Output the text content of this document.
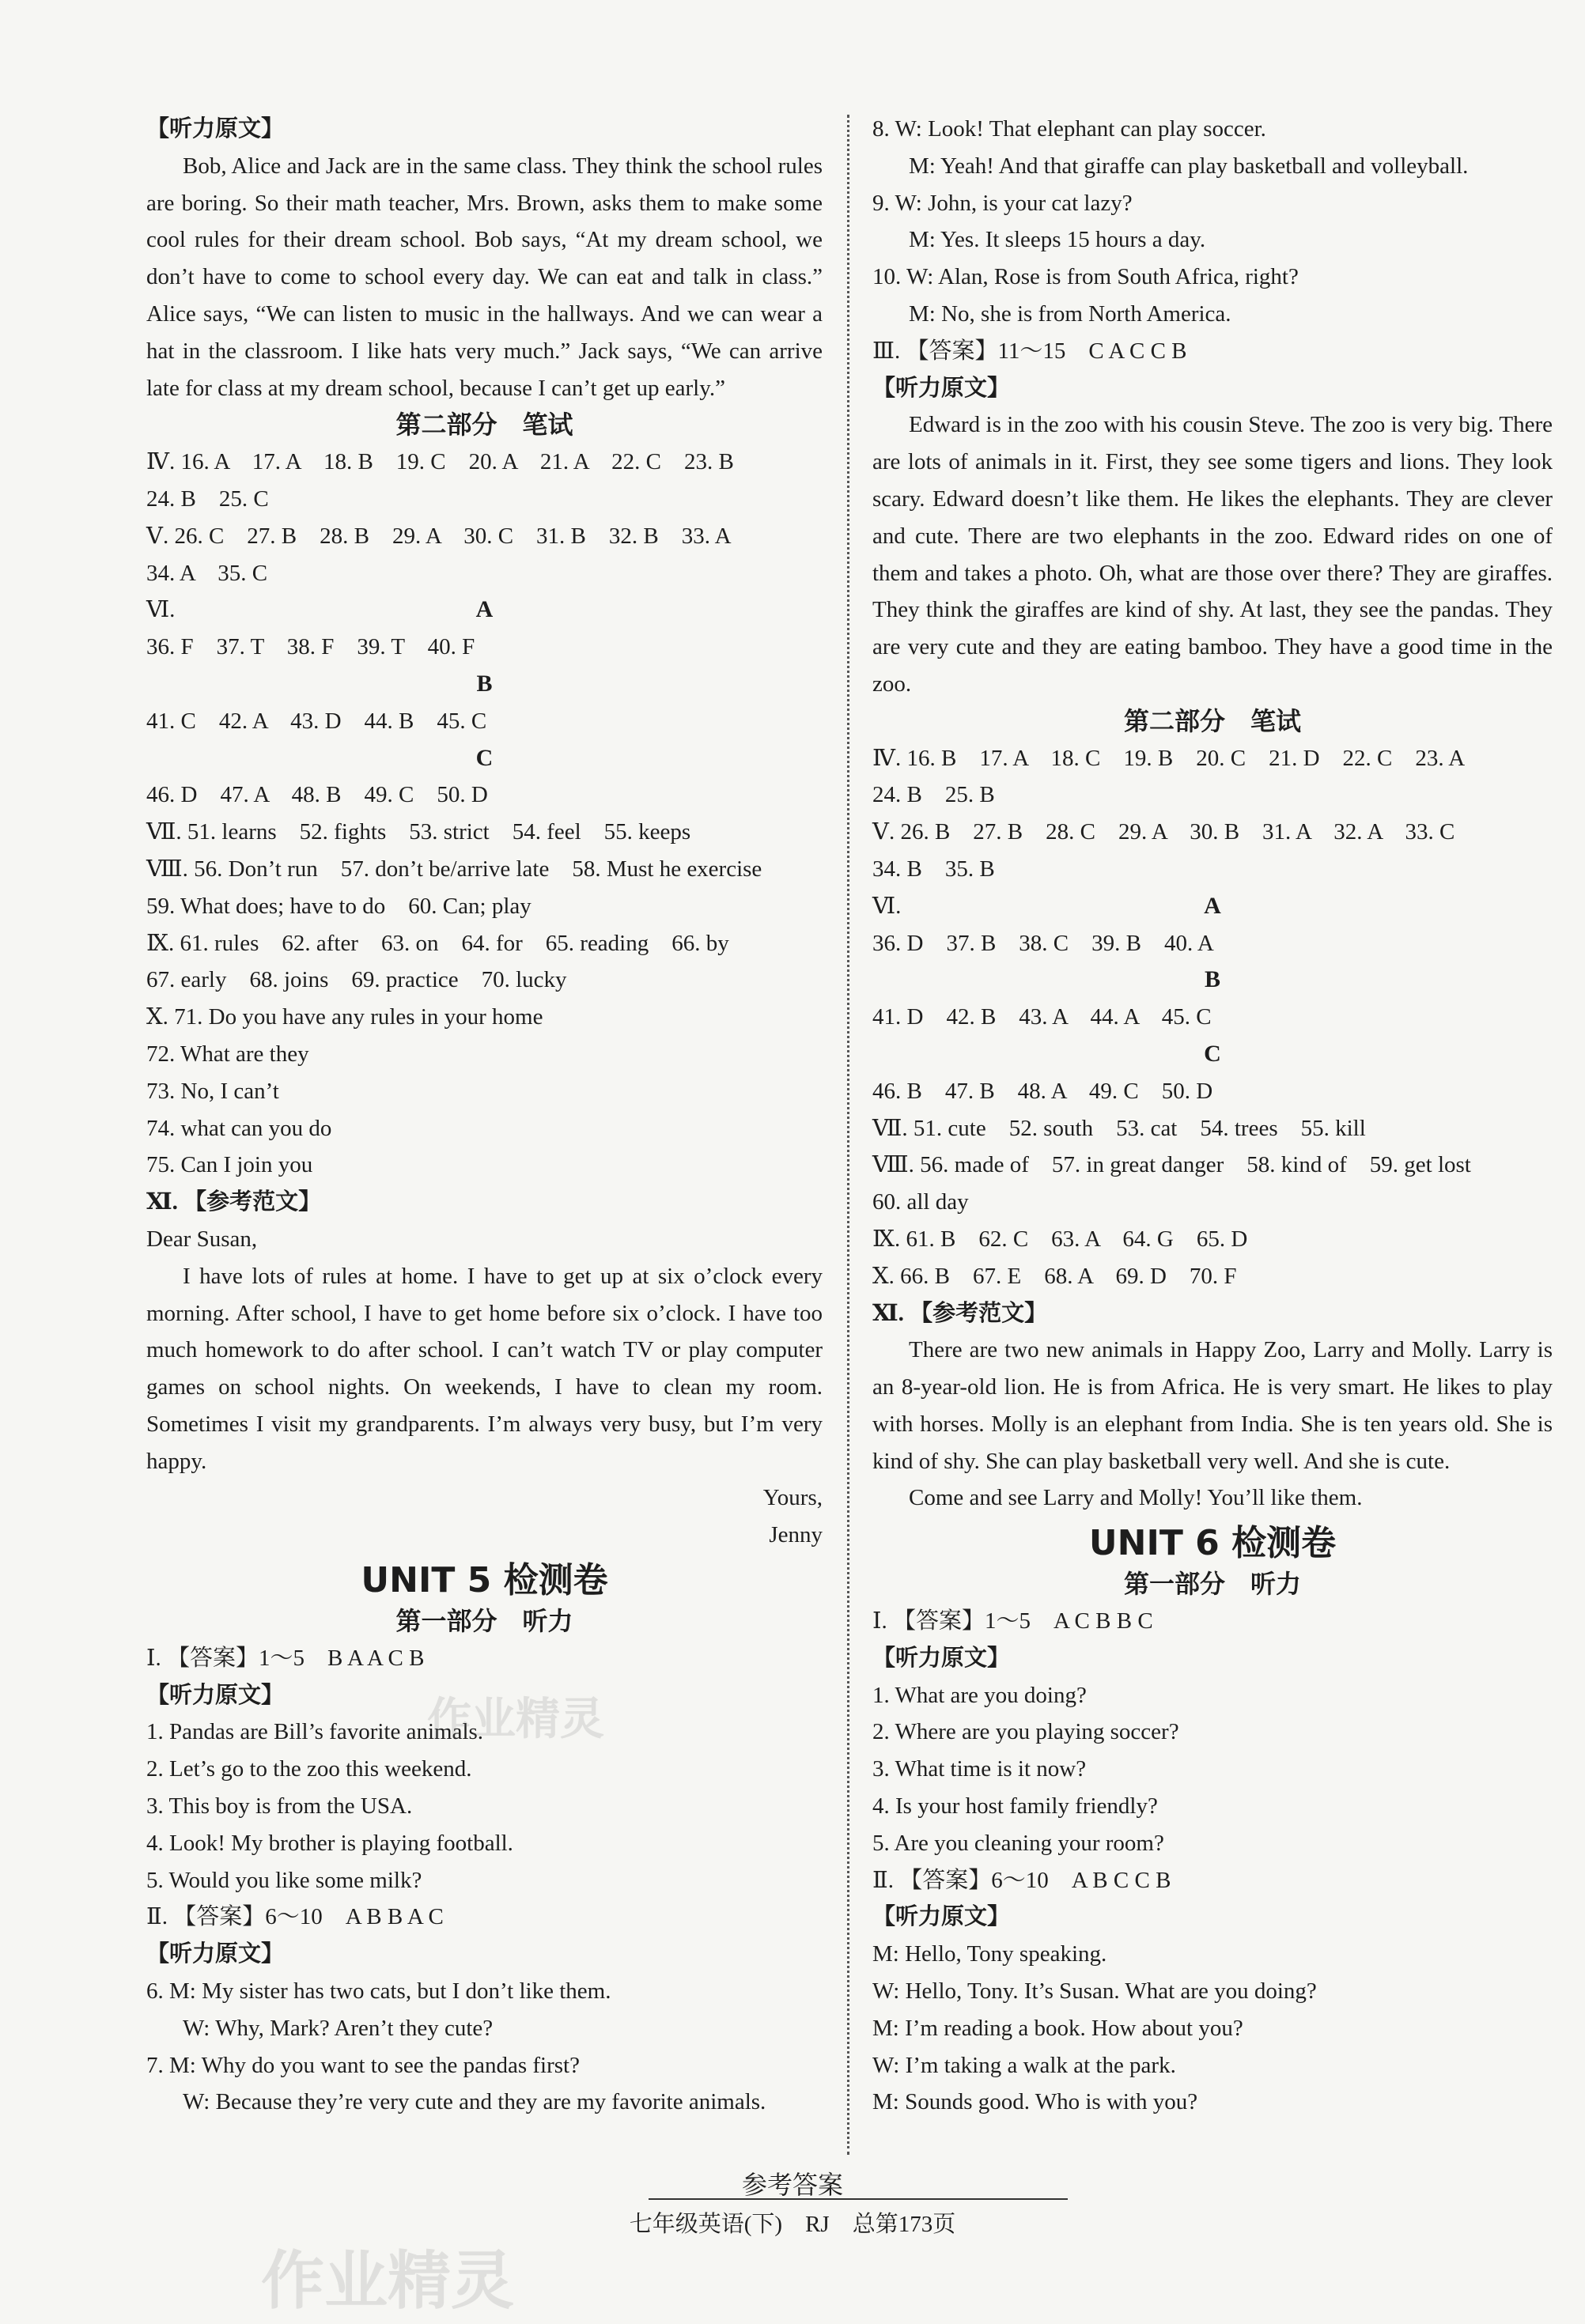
【听力原文】
Bob, Alice and Jack are in the same class. They think the school rules are boring. So their math teacher, Mrs. Brown, asks them to make some cool rules for their dream school. Bob says, “At my dream school, we don’t have to come to school every day. We can eat and talk in class.” Alice says, “We can listen to music in the hallways. And we can wear a hat in the classroom. I like hats very much.” Jack says, “We can arrive late for class at my dream school, because I can’t get up early.”
第二部分　笔试
Ⅳ. 16. A　17. A　18. B　19. C　20. A　21. A　22. C　23. B
24. B　25. C
Ⅴ. 26. C　27. B　28. B　29. A　30. C　31. B　32. B　33. A
34. A　35. C
Ⅵ.	A
36. F　37. T　38. F　39. T　40. F
B
41. C　42. A　43. D　44. B　45. C
C
46. D　47. A　48. B　49. C　50. D
Ⅶ. 51. learns　52. fights　53. strict　54. feel　55. keeps
Ⅷ. 56. Don’t run　57. don’t be/arrive late　58. Must he exercise
59. What does; have to do　60. Can; play
Ⅸ. 61. rules　62. after　63. on　64. for　65. reading　66. by
67. early　68. joins　69. practice　70. lucky
Ⅹ. 71. Do you have any rules in your home
72. What are they
73. No, I can’t
74. what can you do
75. Can I join you
Ⅺ. 【参考范文】
Dear Susan,
I have lots of rules at home. I have to get up at six o’clock every morning. After school, I have to get home before six o’clock. I have too much homework to do after school. I can’t watch TV or play computer games on school nights. On weekends, I have to clean my room. Sometimes I visit my grandparents. I’m always very busy, but I’m very happy.
Yours,
Jenny
UNIT 5 检测卷
第一部分　听力
Ⅰ. 【答案】1～5　B A A C B
【听力原文】
1. Pandas are Bill’s favorite animals.
2. Let’s go to the zoo this weekend.
3. This boy is from the USA.
4. Look! My brother is playing football.
5. Would you like some milk?
Ⅱ. 【答案】6～10　A B B A C
【听力原文】
6. M: My sister has two cats, but I don’t like them.
W: Why, Mark? Aren’t they cute?
7. M: Why do you want to see the pandas first?
W: Because they’re very cute and they are my favorite animals.
8. W: Look! That elephant can play soccer.
M: Yeah! And that giraffe can play basketball and volleyball.
9. W: John, is your cat lazy?
M: Yes. It sleeps 15 hours a day.
10. W: Alan, Rose is from South Africa, right?
M: No, she is from North America.
Ⅲ. 【答案】11～15　C A C C B
【听力原文】
Edward is in the zoo with his cousin Steve. The zoo is very big. There are lots of animals in it. First, they see some tigers and lions. They look scary. Edward doesn’t like them. He likes the elephants. They are clever and cute. There are two elephants in the zoo. Edward rides on one of them and takes a photo. Oh, what are those over there? They are giraffes. They think the giraffes are kind of shy. At last, they see the pandas. They are very cute and they are eating bamboo. They have a good time in the zoo.
第二部分　笔试
Ⅳ. 16. B　17. A　18. C　19. B　20. C　21. D　22. C　23. A
24. B　25. B
Ⅴ. 26. B　27. B　28. C　29. A　30. B　31. A　32. A　33. C
34. B　35. B
Ⅵ.	A
36. D　37. B　38. C　39. B　40. A
B
41. D　42. B　43. A　44. A　45. C
C
46. B　47. B　48. A　49. C　50. D
Ⅶ. 51. cute　52. south　53. cat　54. trees　55. kill
Ⅷ. 56. made of　57. in great danger　58. kind of　59. get lost
60. all day
Ⅸ. 61. B　62. C　63. A　64. G　65. D
Ⅹ. 66. B　67. E　68. A　69. D　70. F
Ⅺ. 【参考范文】
There are two new animals in Happy Zoo, Larry and Molly. Larry is an 8-year-old lion. He is from Africa. He is very smart. He likes to play with horses. Molly is an elephant from India. She is ten years old. She is kind of shy. She can play basketball very well. And she is cute.
Come and see Larry and Molly! You’ll like them.
UNIT 6 检测卷
第一部分　听力
Ⅰ. 【答案】1～5　A C B B C
【听力原文】
1. What are you doing?
2. Where are you playing soccer?
3. What time is it now?
4. Is your host family friendly?
5. Are you cleaning your room?
Ⅱ. 【答案】6～10　A B C C B
【听力原文】
M: Hello, Tony speaking.
W: Hello, Tony. It’s Susan. What are you doing?
M: I’m reading a book. How about you?
W: I’m taking a walk at the park.
M: Sounds good. Who is with you?
作业精灵
作业精灵
参考答案
七年级英语(下)　RJ　总第173页
